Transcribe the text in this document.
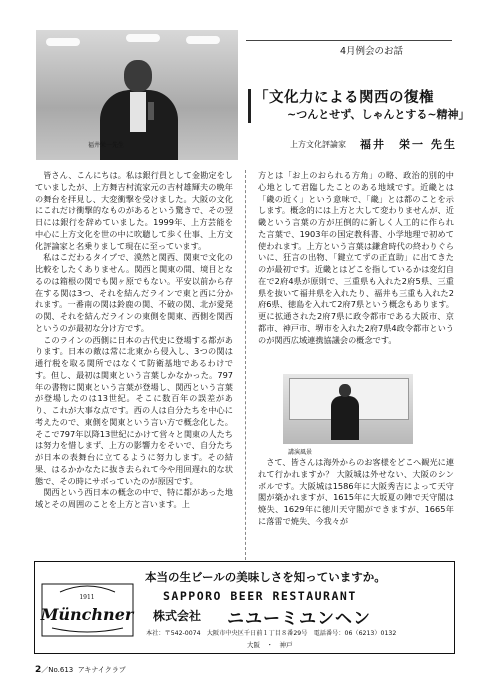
福井栄一先生
4月例会のお話
「文化力による関西の復権
~つんとせず、しゃんとする~精神」
上方文化評論家 福井　栄一 先生

皆さん、こんにちは。私は銀行員として金勘定をしていましたが、上方舞吉村流家元の吉村雄輝夫の晩年の舞台を拝見し、大変衝撃を受けました。大阪の文化にこれだけ衝撃的なものがあるという驚きで、その翌日には銀行を辞めていました。1999年、上方芸能を中心に上方文化を世の中に吹聴して歩く仕事、上方文化評論家と名乗りまして現在に至っています。

私はこだわるタイプで、漠然と関西、関東で文化の比較をしたくありません。関西と関東の間、境目となるのは箱根の関でも関ヶ原でもない。平安以前から存在する関は3つ、それを結んだラインで東と西に分かれます。一番南の関は鈴鹿の関、不破の関、北が愛発の関、それを結んだラインの東側を関東、西側を関西というのが最初な分け方です。

このラインの西側に日本の古代史に登場する都があります。日本の敵は常に北東から侵入し、3つの関は通行税を取る関所ではなくて防衛基地であるわけです。但し、最初は関東という言葉しかなかった。797年の書物に関東という言葉が登場し、関西という言葉が登場したのは13世紀。そこに数百年の誤差があり、これが大事な点です。西の人は自分たちを中心に考えたので、東側を関東という言い方で概念化した。そこで797年以降13世紀にかけて営々と関東の人たちは努力を惜しまず、上方の影響力をそいで、自分たちが日本の表舞台に立てるように努力します。その結果、はるかかなたに抜き去られて今や用回遅れ的な状態で、その時にサボっていたのが原因です。

関西という西日本の概念の中で、特に都があった地域とその周囲のことを上方と言います。上

方とは「お上のおられる方角」の略、政治的別的中心地として君臨したことのある地域です。近畿とは「畿の近く」という意味で、「畿」とは都のことを示します。概念的には上方と大して変わりませんが、近畿という言葉の方が圧倒的に新しく人工的に作られた言葉で、1903年の国定教科書、小学地理で初めて使われます。上方という言葉は鎌倉時代の終わりぐらいに、狂言の出物、「鍵立てずの正直助」に出てきたのが最初です。近畿とはどこを指しているかは変幻自在で2府4県が原則で、三重県も入れた2府5県、三重県を抜いて福井県を入れたり、福井も三重も入れた2府6県、徳島を入れて2府7県という概念もあります。更に拡通された2府7県に政令都市である大阪市、京都市、神戸市、堺市を入れた2府7県4政令都市というのが関西広域連携協議会の概念です。

講演風景

さて、皆さんは海外からのお客様をどこへ観光に連れて行かれますか？ 大阪城は外せない、大阪のシンボルです。大阪城は1586年に大阪秀吉によって天守閣が築かれますが、1615年に大坂夏の陣で天守閣は焼失、1629年に徳川天守閣ができますが、1665年に落雷で焼失、今我々が

1911
Münchner
本当の生ビールの美味しさを知っていますか。
SAPPORO BEER RESTAURANT
株式会社 ニユーミユンヘン
本社：〒542-0074　大阪市中央区千日前１丁目８番29号　電話番号：06（6213）0132
大阪　・　神戸
2／No.613 アキナイクラブ
